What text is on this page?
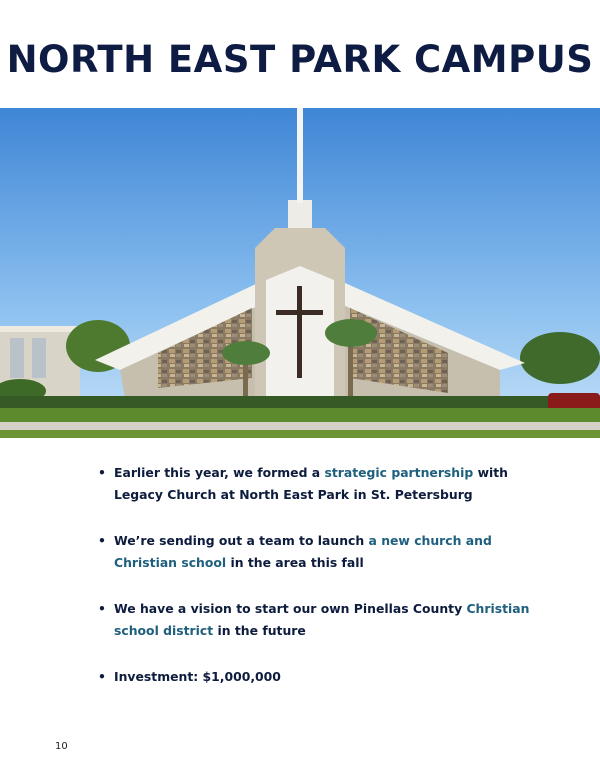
NORTH EAST PARK CAMPUS
• Earlier this year, we formed a strategic partnership with Legacy Church at North East Park in St. Petersburg
• We’re sending out a team to launch a new church and Christian school in the area this fall
• We have a vision to start our own Pinellas County Christian school district in the future
• Investment: $1,000,000
10
